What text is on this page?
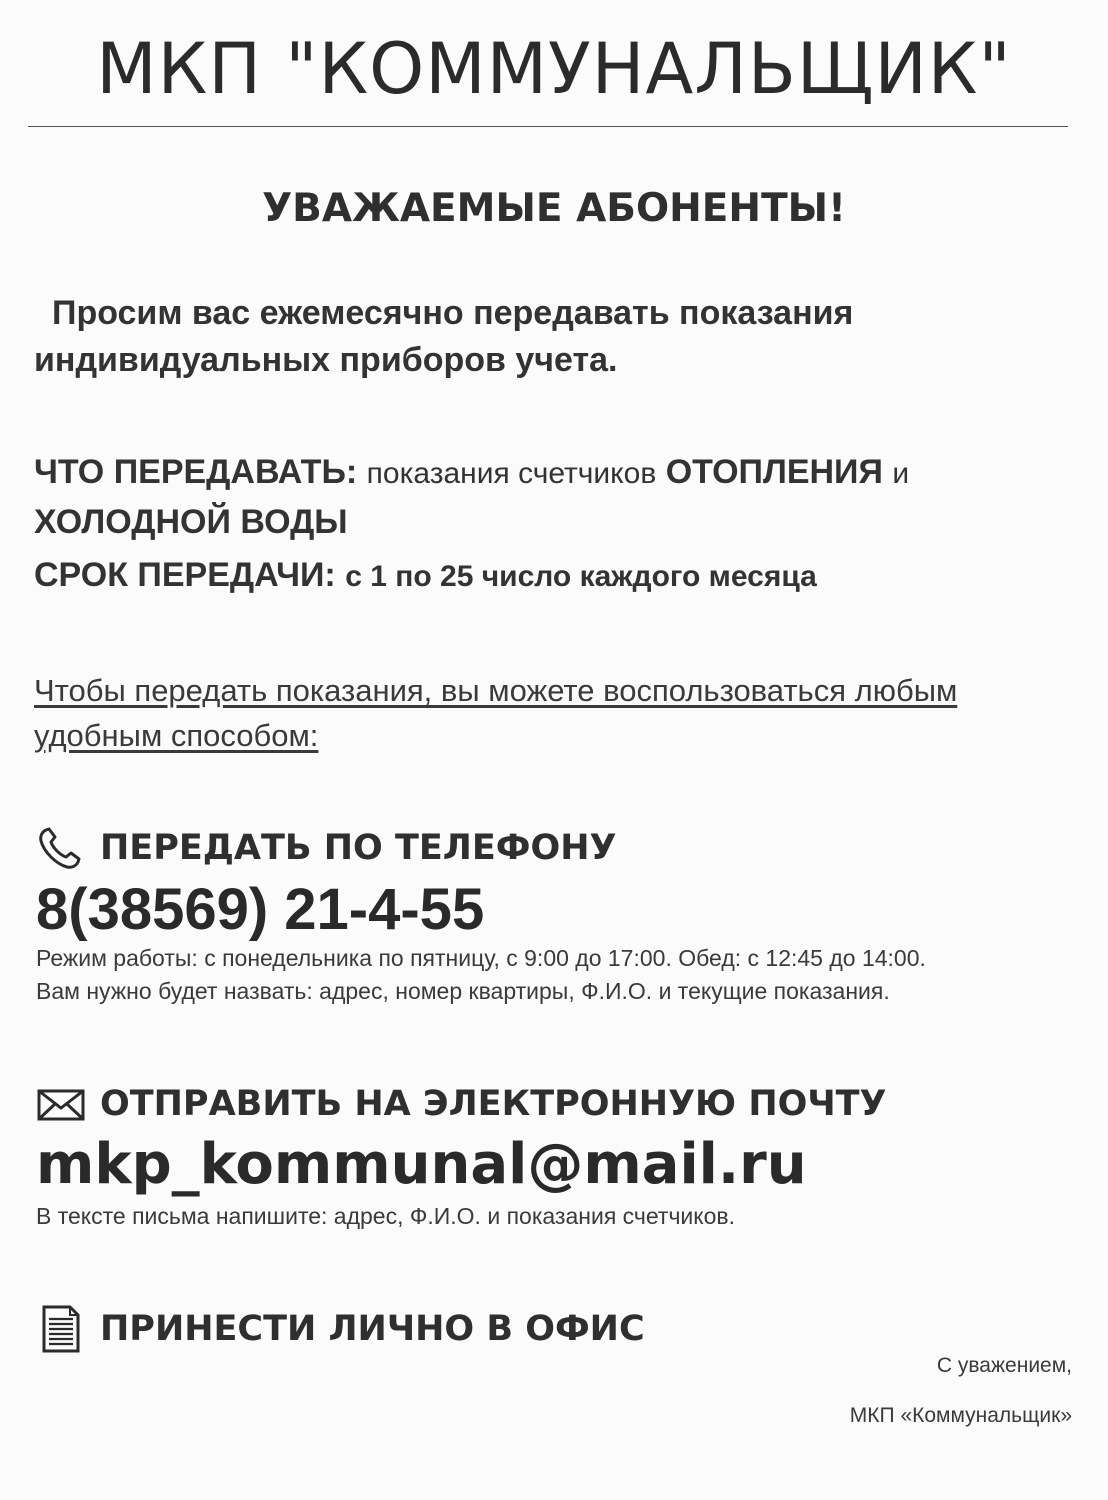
МКП "КОММУНАЛЬЩИК"
УВАЖАЕМЫЕ АБОНЕНТЫ!
Просим вас ежемесячно передавать показания
индивидуальных приборов учета.
ЧТО ПЕРЕДАВАТЬ: показания счетчиков ОТОПЛЕНИЯ и
ХОЛОДНОЙ ВОДЫ
СРОК ПЕРЕДАЧИ: с 1 по 25 число каждого месяца
Чтобы передать показания, вы можете воспользоваться любым
удобным способом:
ПЕРЕДАТЬ ПО ТЕЛЕФОНУ
8(38569) 21-4-55
Режим работы: с понедельника по пятницу, с 9:00 до 17:00. Обед: с 12:45 до 14:00.
Вам нужно будет назвать: адрес, номер квартиры, Ф.И.О. и текущие показания.
ОТПРАВИТЬ НА ЭЛЕКТРОННУЮ ПОЧТУ
mkp_kommunal@mail.ru
В тексте письма напишите: адрес, Ф.И.О. и показания счетчиков.
ПРИНЕСТИ ЛИЧНО В ОФИС
С уважением,
МКП «Коммунальщик»
